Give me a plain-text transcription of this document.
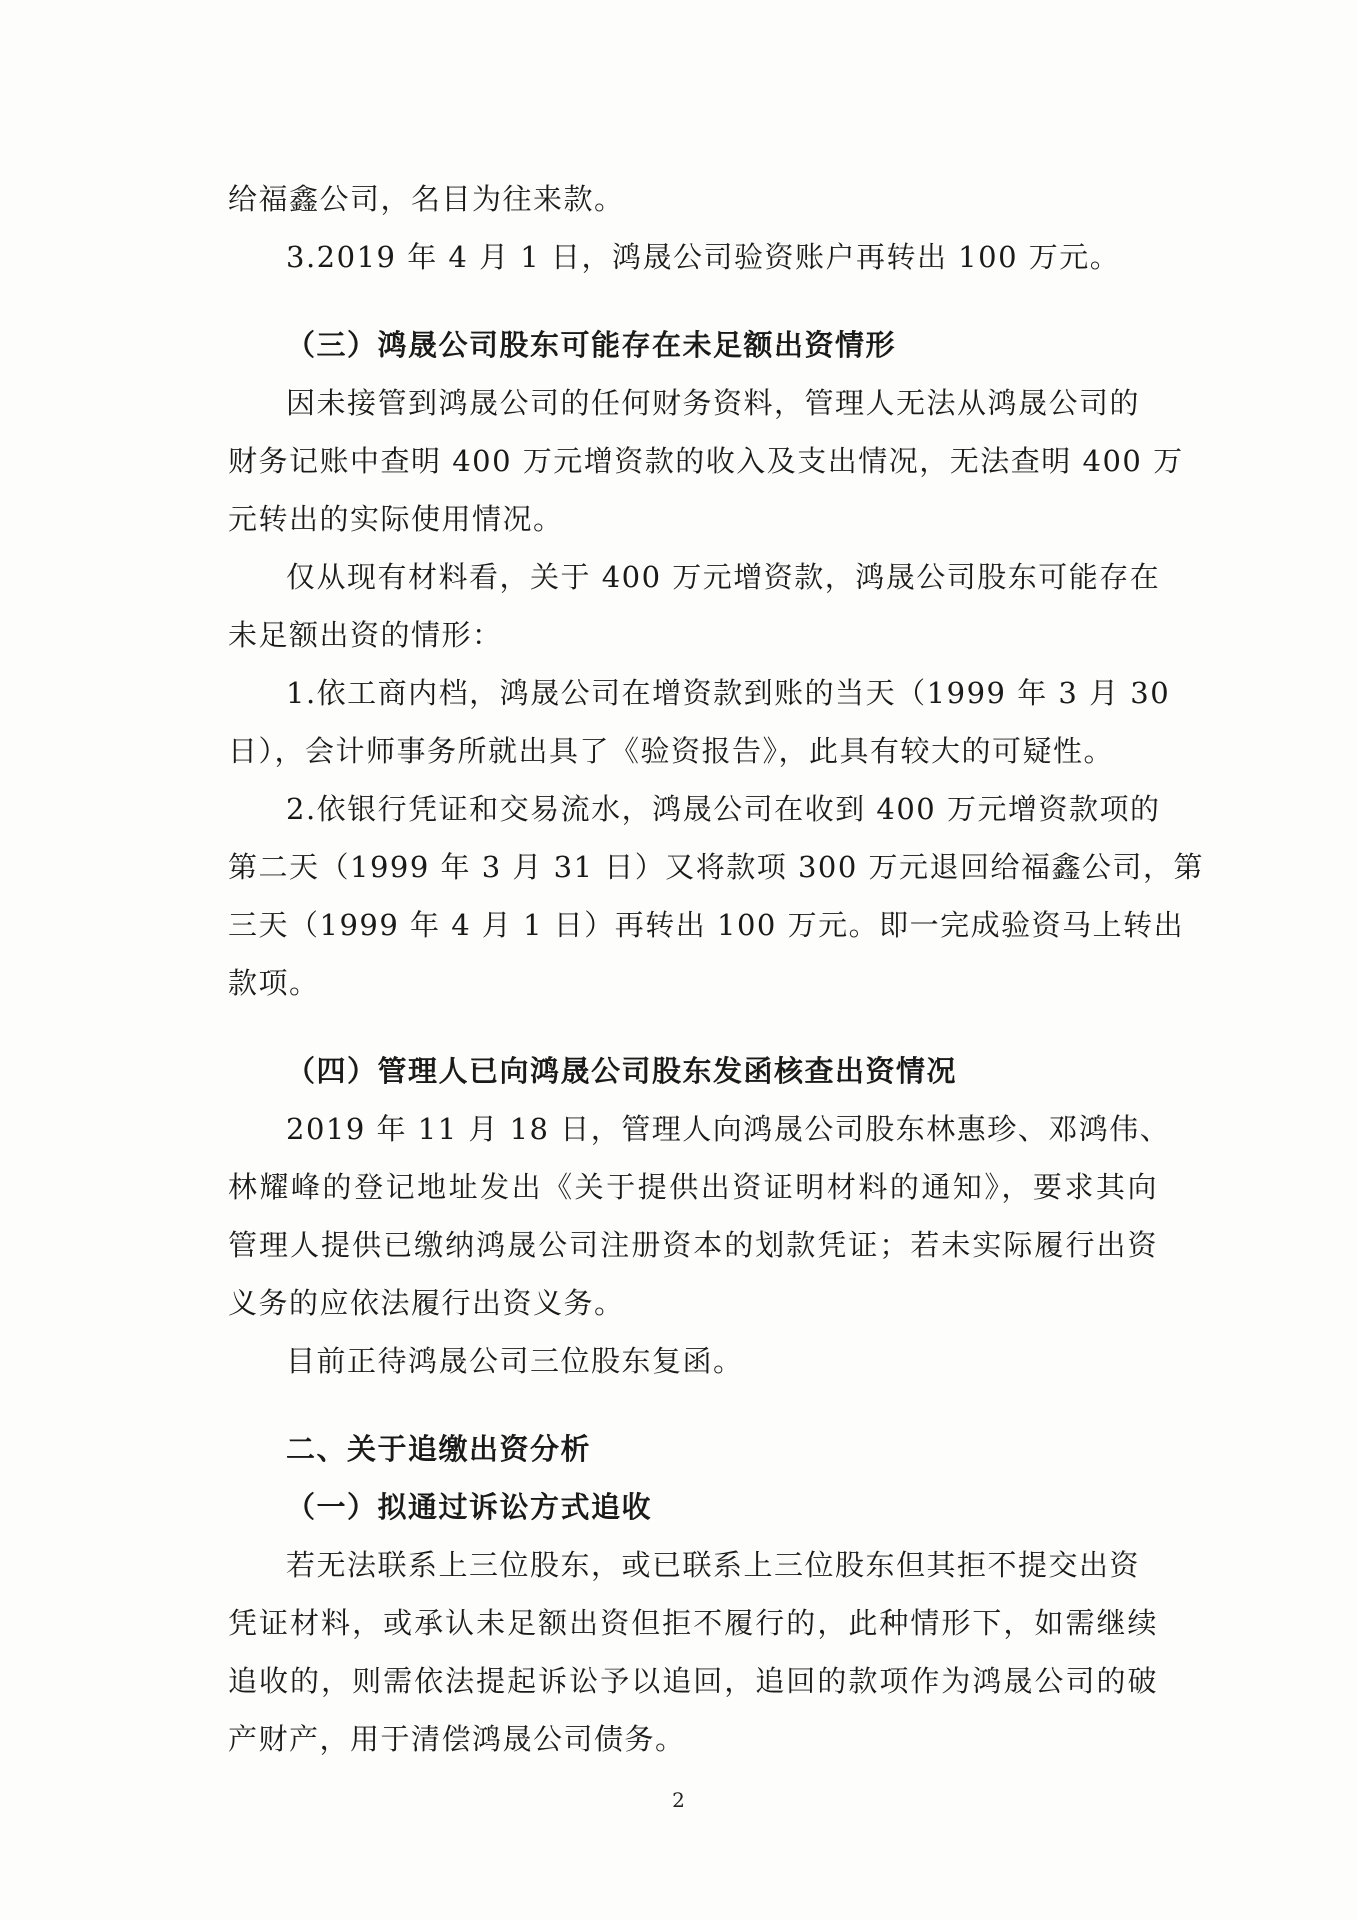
给福鑫公司，名目为往来款。
3.2019 年 4 月 1 日，鸿晟公司验资账户再转出 100 万元。
（三）鸿晟公司股东可能存在未足额出资情形
因未接管到鸿晟公司的任何财务资料，管理人无法从鸿晟公司的
财务记账中查明 400 万元增资款的收入及支出情况，无法查明 400 万
元转出的实际使用情况。
仅从现有材料看，关于 400 万元增资款，鸿晟公司股东可能存在
未足额出资的情形：
1.依工商内档，鸿晟公司在增资款到账的当天（1999 年 3 月 30
日），会计师事务所就出具了《验资报告》，此具有较大的可疑性。
2.依银行凭证和交易流水，鸿晟公司在收到 400 万元增资款项的
第二天（1999 年 3 月 31 日）又将款项 300 万元退回给福鑫公司，第
三天（1999 年 4 月 1 日）再转出 100 万元。即一完成验资马上转出
款项。
（四）管理人已向鸿晟公司股东发函核查出资情况
2019 年 11 月 18 日，管理人向鸿晟公司股东林惠珍、邓鸿伟、
林耀峰的登记地址发出《关于提供出资证明材料的通知》，要求其向
管理人提供已缴纳鸿晟公司注册资本的划款凭证；若未实际履行出资
义务的应依法履行出资义务。
目前正待鸿晟公司三位股东复函。
二、关于追缴出资分析
（一）拟通过诉讼方式追收
若无法联系上三位股东，或已联系上三位股东但其拒不提交出资
凭证材料，或承认未足额出资但拒不履行的，此种情形下，如需继续
追收的，则需依法提起诉讼予以追回，追回的款项作为鸿晟公司的破
产财产，用于清偿鸿晟公司债务。
2
